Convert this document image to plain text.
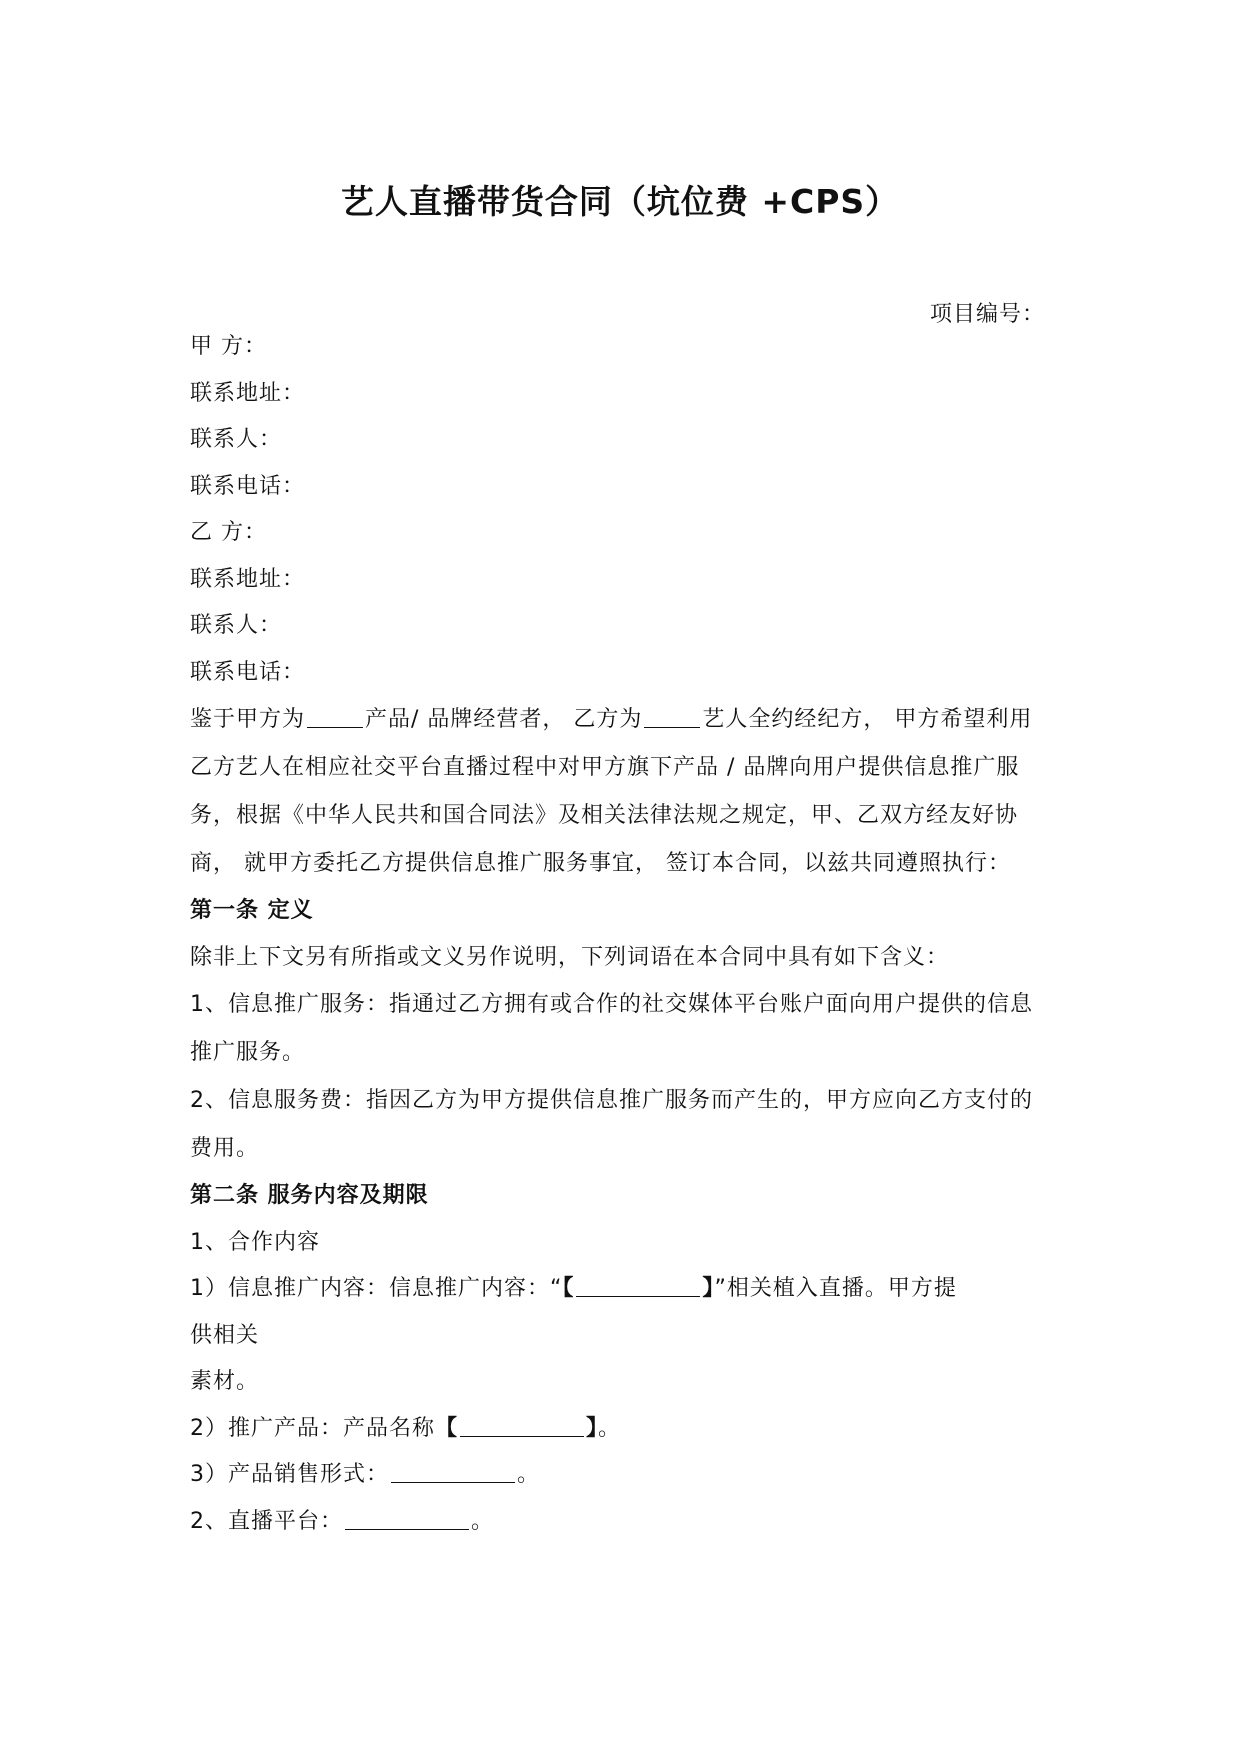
艺人直播带货合同（坑位费 +CPS）
项目编号：
甲 方：
联系地址：
联系人：
联系电话：
乙 方：
联系地址：
联系人：
联系电话：

鉴于甲方为	产品/ 品牌经营者， 乙方为	艺人全约经纪方， 甲方希望利用乙方艺人在相应社交平台直播过程中对甲方旗下产品 / 品牌向用户提供信息推广服务，根据《中华人民共和国合同法》及相关法律法规之规定，甲、乙双方经友好协商， 就甲方委托乙方提供信息推广服务事宜， 签订本合同，以兹共同遵照执行：

第一条 定义
除非上下文另有所指或文义另作说明，下列词语在本合同中具有如下含义：

1、信息推广服务：指通过乙方拥有或合作的社交媒体平台账户面向用户提供的信息推广服务。

2、信息服务费：指因乙方为甲方提供信息推广服务而产生的，甲方应向乙方支付的费用。

第二条 服务内容及期限
1、合作内容
1）信息推广内容：信息推广内容：“【	】”相关植入直播。甲方提
供相关
素材。
2）推广产品：产品名称【	】。
3）产品销售形式：	。
2、直播平台：	。
